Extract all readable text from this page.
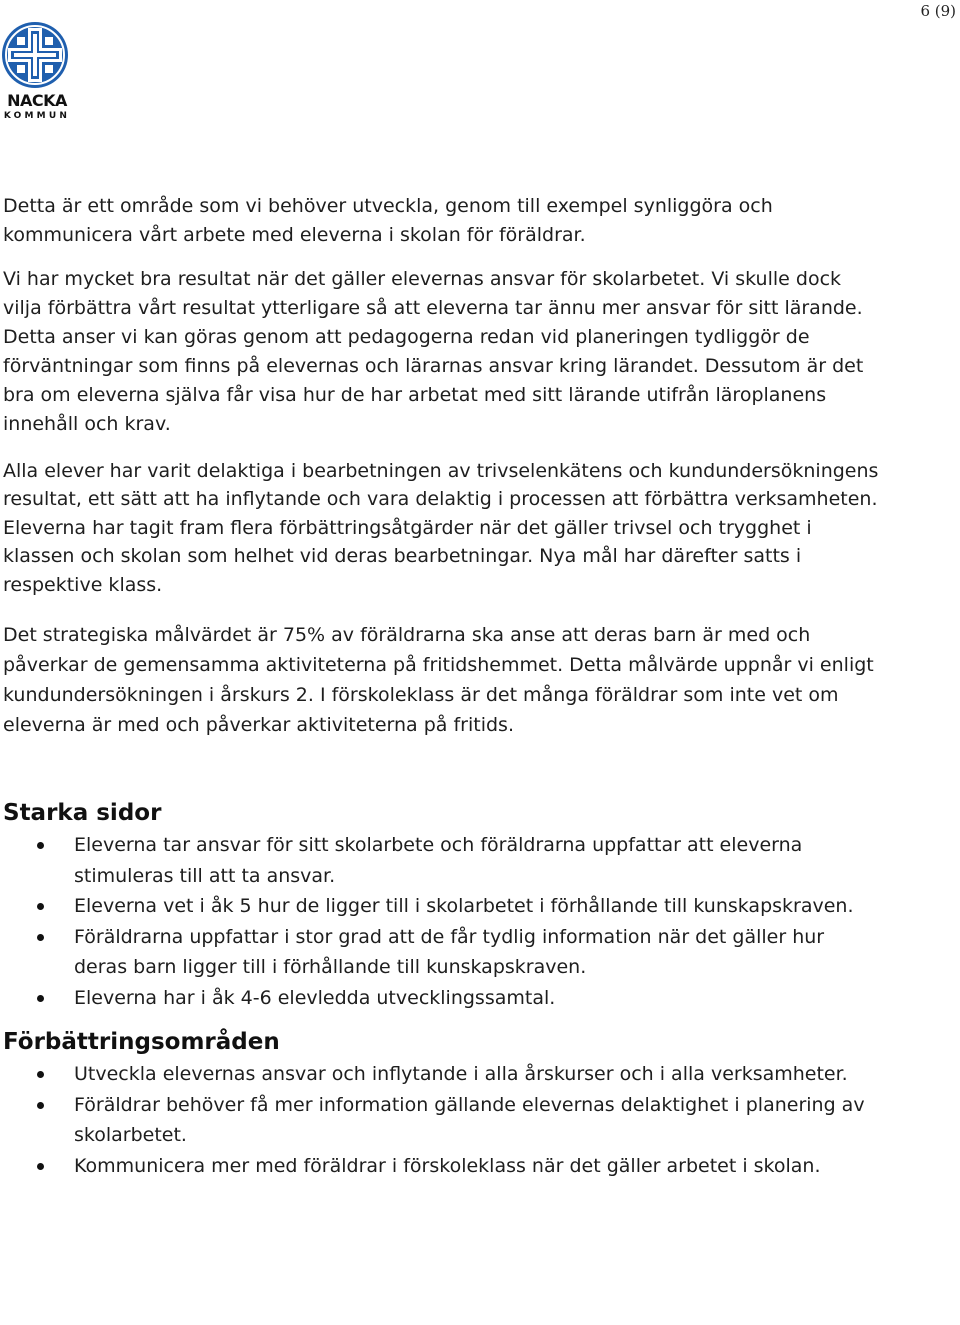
6 (9)
NACKA
KOMMUN

Detta är ett område som vi behöver utveckla, genom till exempel synliggöra och kommunicera vårt arbete med eleverna i skolan för föräldrar.

Vi har mycket bra resultat när det gäller elevernas ansvar för skolarbetet. Vi skulle dock vilja förbättra vårt resultat ytterligare så att eleverna tar ännu mer ansvar för sitt lärande. Detta anser vi kan göras genom att pedagogerna redan vid planeringen tydliggör de förväntningar som finns på elevernas och lärarnas ansvar kring lärandet. Dessutom är det bra om eleverna själva får visa hur de har arbetat med sitt lärande utifrån läroplanens innehåll och krav.

Alla elever har varit delaktiga i bearbetningen av trivselenkätens och kundundersökningens resultat, ett sätt att ha inflytande och vara delaktig i processen att förbättra verksamheten. Eleverna har tagit fram flera förbättringsåtgärder när det gäller trivsel och trygghet i klassen och skolan som helhet vid deras bearbetningar. Nya mål har därefter satts i respektive klass.

Det strategiska målvärdet är 75% av föräldrarna ska anse att deras barn är med och påverkar de gemensamma aktiviteterna på fritidshemmet. Detta målvärde uppnår vi enligt kundundersökningen i årskurs 2. I förskoleklass är det många föräldrar som inte vet om eleverna är med och påverkar aktiviteterna på fritids.

Starka sidor
Eleverna tar ansvar för sitt skolarbete och föräldrarna uppfattar att eleverna stimuleras till att ta ansvar.
Eleverna vet i åk 5 hur de ligger till i skolarbetet i förhållande till kunskapskraven.
Föräldrarna uppfattar i stor grad att de får tydlig information när det gäller hur deras barn ligger till i förhållande till kunskapskraven.
Eleverna har i åk 4-6 elevledda utvecklingssamtal.
Förbättringsområden
Utveckla elevernas ansvar och inflytande i alla årskurser och i alla verksamheter.
Föräldrar behöver få mer information gällande elevernas delaktighet i planering av skolarbetet.
Kommunicera mer med föräldrar i förskoleklass när det gäller arbetet i skolan.
